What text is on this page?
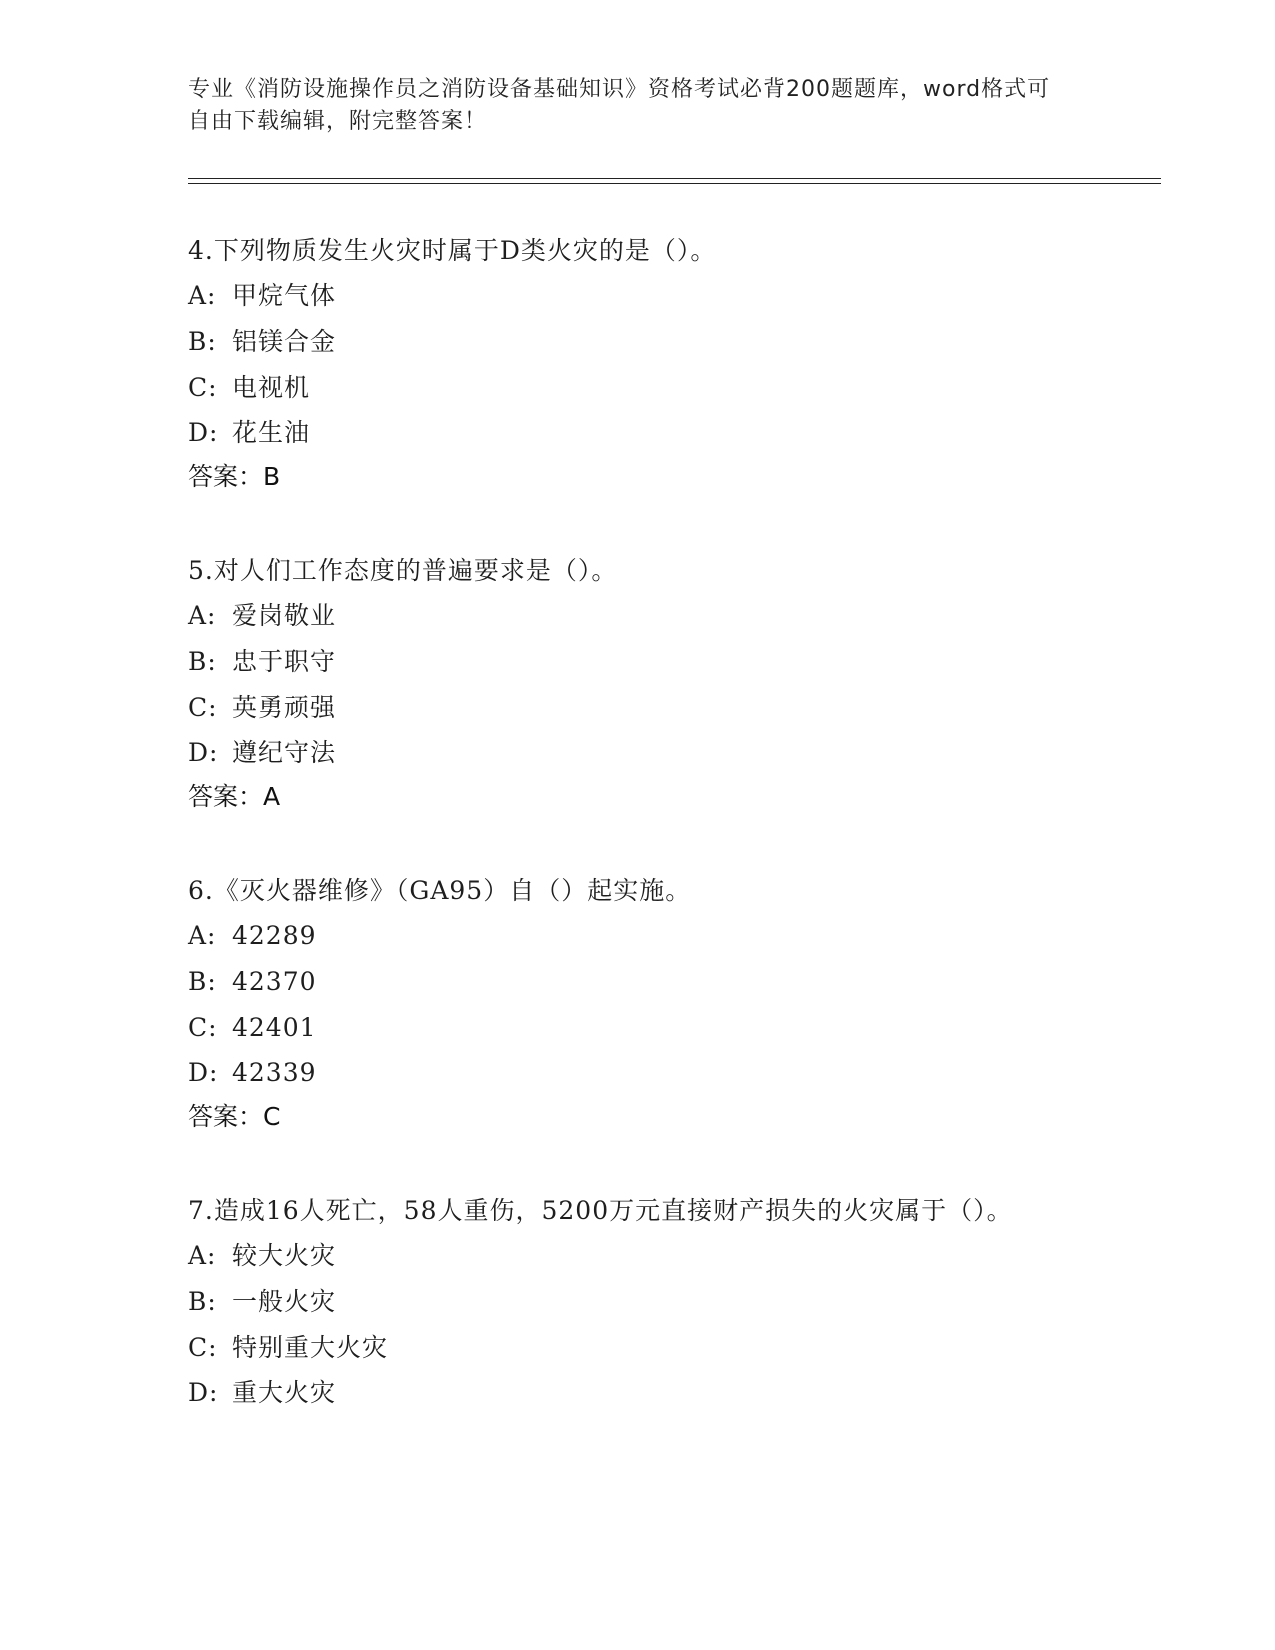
专业《消防设施操作员之消防设备基础知识》资格考试必背200题题库，word格式可自由下载编辑，附完整答案！

4.下列物质发生火灾时属于D类火灾的是（）。

A: 甲烷气体

B: 铝镁合金

C: 电视机

D: 花生油

答案：B

5.对人们工作态度的普遍要求是（）。

A: 爱岗敬业

B: 忠于职守

C: 英勇顽强

D: 遵纪守法

答案：A

6.《灭火器维修》（GA95）自（）起实施。

A: 42289

B: 42370

C: 42401

D: 42339

答案：C

7.造成16人死亡，58人重伤，5200万元直接财产损失的火灾属于（）。

A: 较大火灾

B: 一般火灾

C: 特别重大火灾

D: 重大火灾
